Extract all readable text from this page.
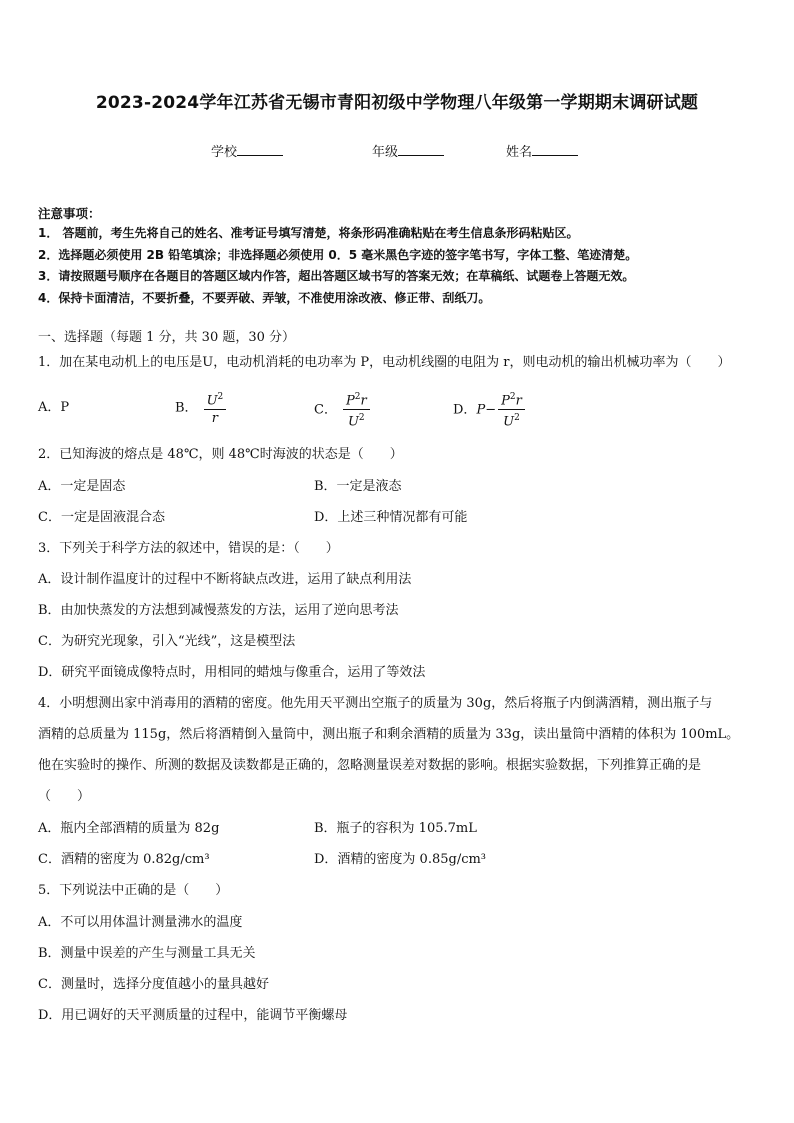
2023-2024学年江苏省无锡市青阳初级中学物理八年级第一学期期末调研试题
学校	年级	姓名
注意事项：
1． 答题前，考生先将自己的姓名、准考证号填写清楚，将条形码准确粘贴在考生信息条形码粘贴区。
2．选择题必须使用 2B 铅笔填涂；非选择题必须使用 0．5 毫米黑色字迹的签字笔书写，字体工整、笔迹清楚。
3．请按照题号顺序在各题目的答题区域内作答，超出答题区域书写的答案无效；在草稿纸、试题卷上答题无效。
4．保持卡面清洁，不要折叠，不要弄破、弄皱，不准使用涂改液、修正带、刮纸刀。
一、选择题（每题 1 分，共 30 题，30 分）
1．加在某电动机上的电压是U，电动机消耗的电功率为 P，电动机线圈的电阻为 r，则电动机的输出机械功率为（　　）
A．P	B． $\frac{U^2}{r}$	C． $\frac{P^2r}{U^2}$	D．$P- \frac{P^2r}{U^2}$
2．已知海波的熔点是 48℃，则 48℃时海波的状态是（　　）
A．一定是固态	B．一定是液态
C．一定是固液混合态	D．上述三种情况都有可能
3．下列关于科学方法的叙述中，错误的是：（　　）
A．设计制作温度计的过程中不断将缺点改进，运用了缺点利用法
B．由加快蒸发的方法想到减慢蒸发的方法，运用了逆向思考法
C．为研究光现象，引入“光线”，这是模型法
D．研究平面镜成像特点时，用相同的蜡烛与像重合，运用了等效法
4．小明想测出家中消毒用的酒精的密度。他先用天平测出空瓶子的质量为 30g，然后将瓶子内倒满酒精，测出瓶子与
酒精的总质量为 115g，然后将酒精倒入量筒中，测出瓶子和剩余酒精的质量为 33g，读出量筒中酒精的体积为 100mL。
他在实验时的操作、所测的数据及读数都是正确的，忽略测量误差对数据的影响。根据实验数据，下列推算正确的是
（　　）
A．瓶内全部酒精的质量为 82g	B．瓶子的容积为 105.7mL
C．酒精的密度为 0.82g/cm³	D．酒精的密度为 0.85g/cm³
5．下列说法中正确的是（　　）
A．不可以用体温计测量沸水的温度
B．测量中误差的产生与测量工具无关
C．测量时，选择分度值越小的量具越好
D．用已调好的天平测质量的过程中，能调节平衡螺母
